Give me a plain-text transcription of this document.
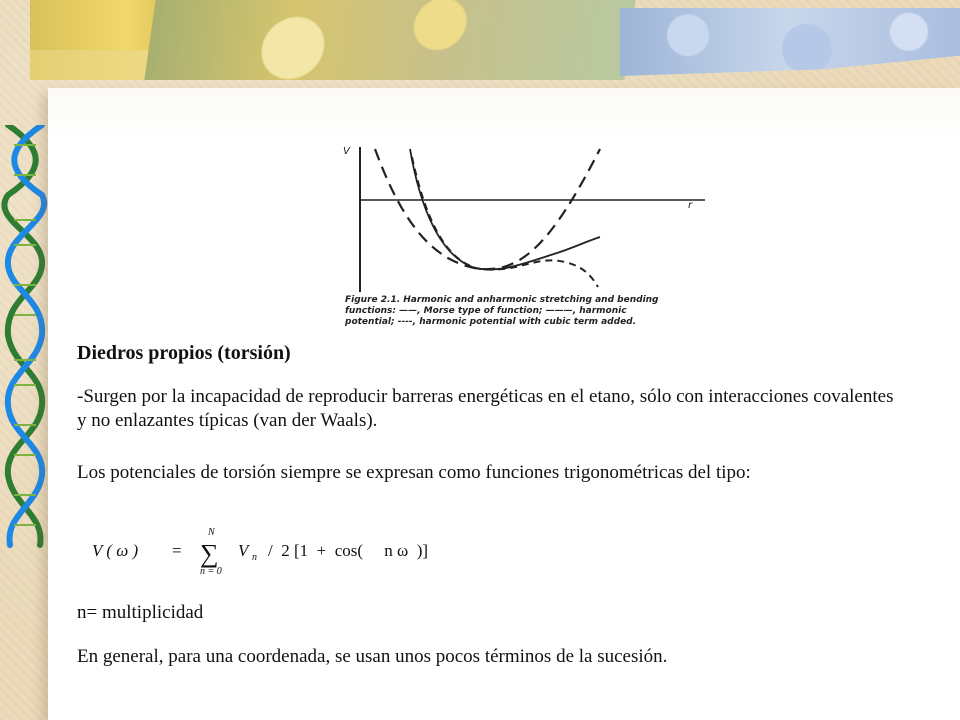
V
r
Figure 2.1. Harmonic and anharmonic stretching and bending
functions: ——, Morse type of function; ———, harmonic
potential; ----, harmonic potential with cubic term added.
Diedros propios (torsión)
-Surgen por la incapacidad de reproducir barreras energéticas en el etano, sólo con interacciones covalentes y no enlazantes típicas (van der Waals).
Los potenciales de torsión siempre se expresan como funciones trigonométricas del tipo:
V ( ω ) =
N
∑
n = 0
V n /  2 [1  +  cos(     n ω  )]
n= multiplicidad
En general, para una coordenada, se usan unos pocos términos de la sucesión.
